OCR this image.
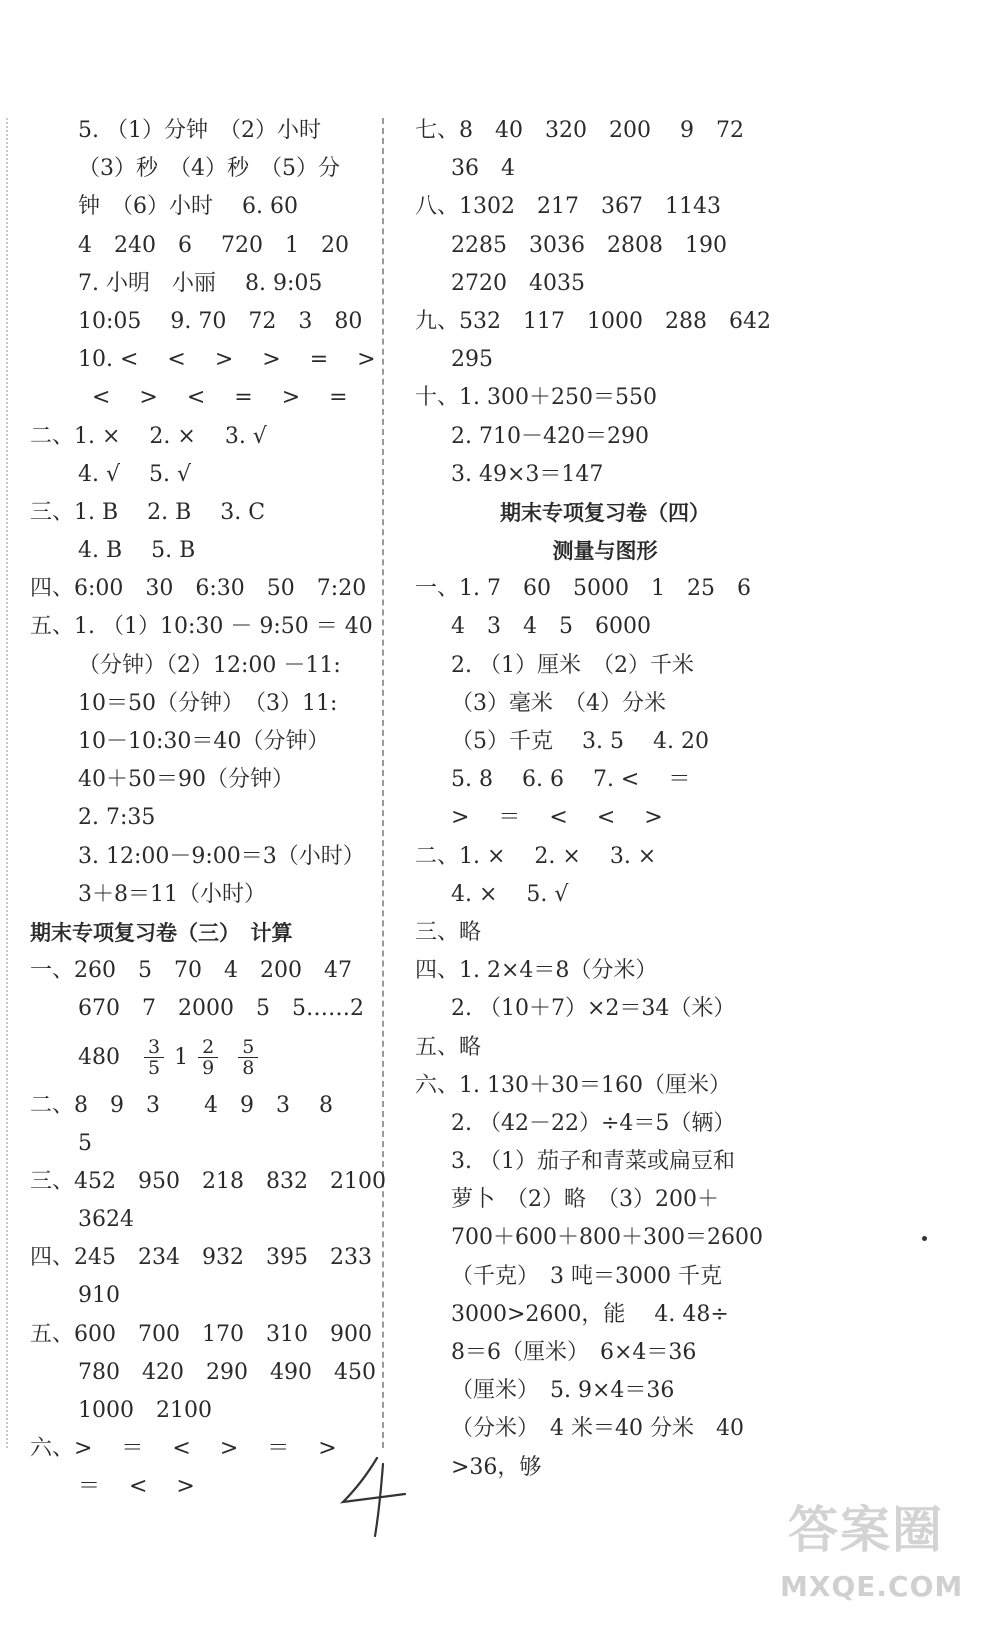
5. （1）分钟　（2）小时
（3）秒　（4）秒　（5）分
钟　（6）小时　 6. 60
4　240　6　 720　1　20
7. 小明　小丽　 8. 9:05
10:05　 9. 70　72　3　80
10. <　 <　 >　 >　 =　 >
<　 >　 <　 =　 >　 =
二、1. ×　 2. ×　 3. √
4. √　 5. √
三、1. B　 2. B　 3. C
4. B　 5. B
四、6:00　30　6:30　50　7:20
五、1. （1）10:30 － 9:50 ＝ 40
（分钟）（2）12:00 －11:
10＝50（分钟）　（3）11:
10－10:30＝40（分钟）
40＋50＝90（分钟）
2. 7:35
3. 12:00－9:00＝3（小时）
3＋8＝11（小时）
期末专项复习卷（三）　计算
一、260　5　70　4　200　47
670　7　2000　5　5……2
$480 \frac{3}{5} 1 \frac{2}{9} \frac{5}{8}$
二、8　9　3　　4　9　3　 8
5
三、452　950　218　832　2100
3624
四、245　234　932　395　233
910
五、600　700　170　310　900
780　420　290　490　450
1000　2100
六、>　 ＝　 <　 >　 ＝　 >
＝　 <　 >
七、8　40　320　200　 9　72
36　4
八、1302　217　367　1143
2285　3036　2808　190
2720　4035
九、532　117　1000　288　642
295
十、1. 300＋250＝550
2. 710－420＝290
3. 49×3＝147
期末专项复习卷（四）
测量与图形
一、1. 7　60　5000　1　25　6
4　3　4　5　6000
2. （1）厘米　（2）千米
（3）毫米　（4）分米
（5）千克　 3. 5　 4. 20
5. 8　 6. 6　 7. <　 ＝
>　 ＝　 <　 <　 >
二、1. ×　 2. ×　 3. ×
4. ×　 5. √
三、略
四、1. 2×4＝8（分米）
2. （10＋7）×2＝34（米）
五、略
六、1. 130＋30＝160（厘米）
2. （42－22）÷4＝5（辆）
3. （1）茄子和青菜或扁豆和
萝卜　（2）略　（3）200＋
700＋600＋800＋300＝2600
（千克）　3 吨＝3000 千克
3000>2600，能　 4. 48÷
8＝6（厘米）　6×4＝36
（厘米）　5. 9×4＝36
（分米）　4 米＝40 分米　40
>36，够
答案圈
MXQE.COM
